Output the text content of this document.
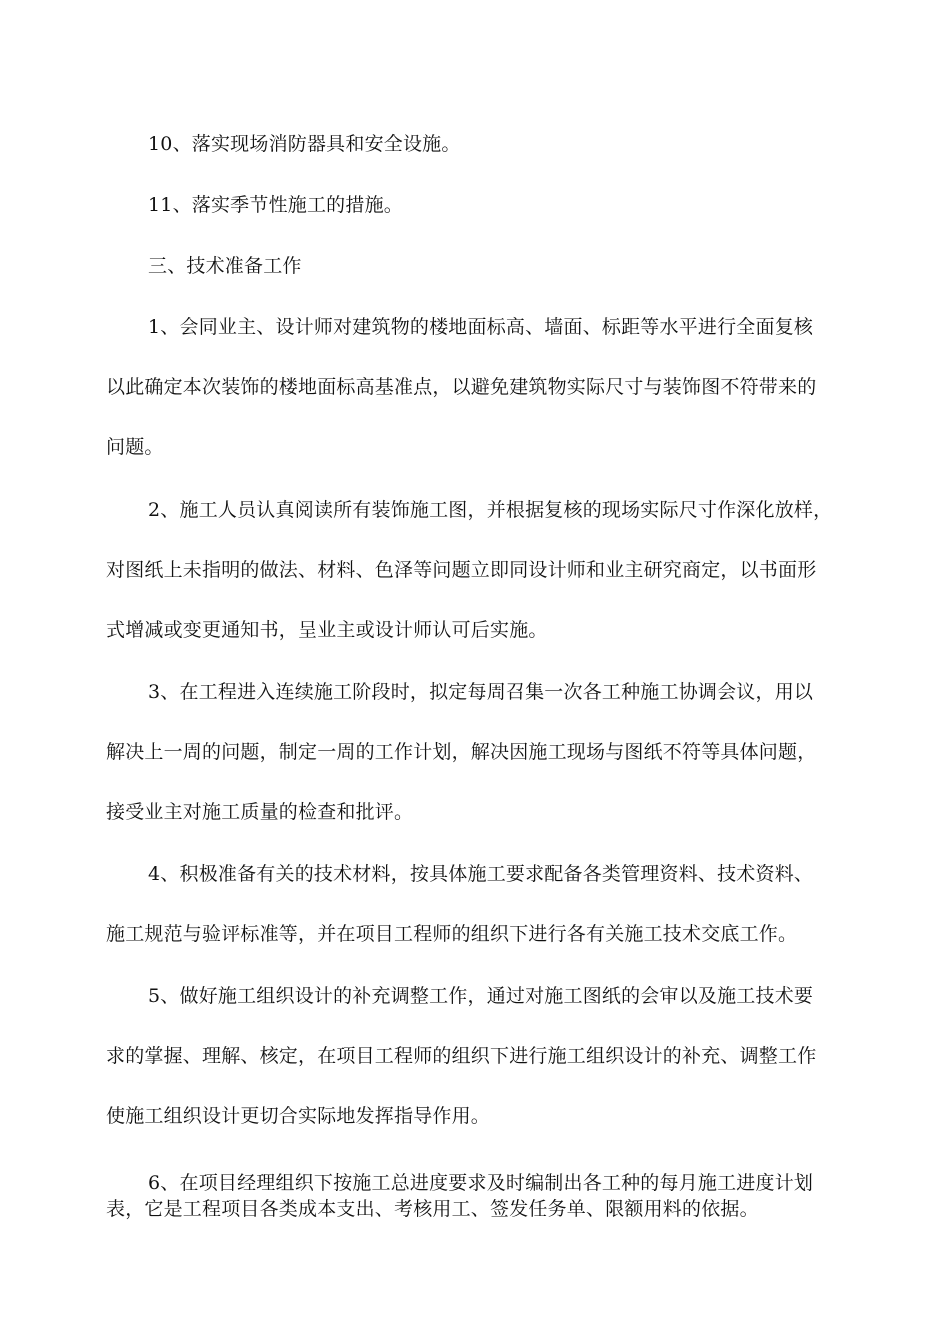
10、落实现场消防器具和安全设施。
11、落实季节性施工的措施。
三、技术准备工作
1、会同业主、设计师对建筑物的楼地面标高、墙面、标距等水平进行全面复核
以此确定本次装饰的楼地面标高基准点，以避免建筑物实际尺寸与装饰图不符带来的
问题。
2、施工人员认真阅读所有装饰施工图，并根据复核的现场实际尺寸作深化放样，
对图纸上未指明的做法、材料、色泽等问题立即同设计师和业主研究商定，以书面形
式增减或变更通知书，呈业主或设计师认可后实施。
3、在工程进入连续施工阶段时，拟定每周召集一次各工种施工协调会议，用以
解决上一周的问题，制定一周的工作计划，解决因施工现场与图纸不符等具体问题，
接受业主对施工质量的检查和批评。
4、积极准备有关的技术材料，按具体施工要求配备各类管理资料、技术资料、
施工规范与验评标准等，并在项目工程师的组织下进行各有关施工技术交底工作。
5、做好施工组织设计的补充调整工作，通过对施工图纸的会审以及施工技术要
求的掌握、理解、核定，在项目工程师的组织下进行施工组织设计的补充、调整工作
使施工组织设计更切合实际地发挥指导作用。
6、在项目经理组织下按施工总进度要求及时编制出各工种的每月施工进度计划
表，它是工程项目各类成本支出、考核用工、签发任务单、限额用料的依据。
